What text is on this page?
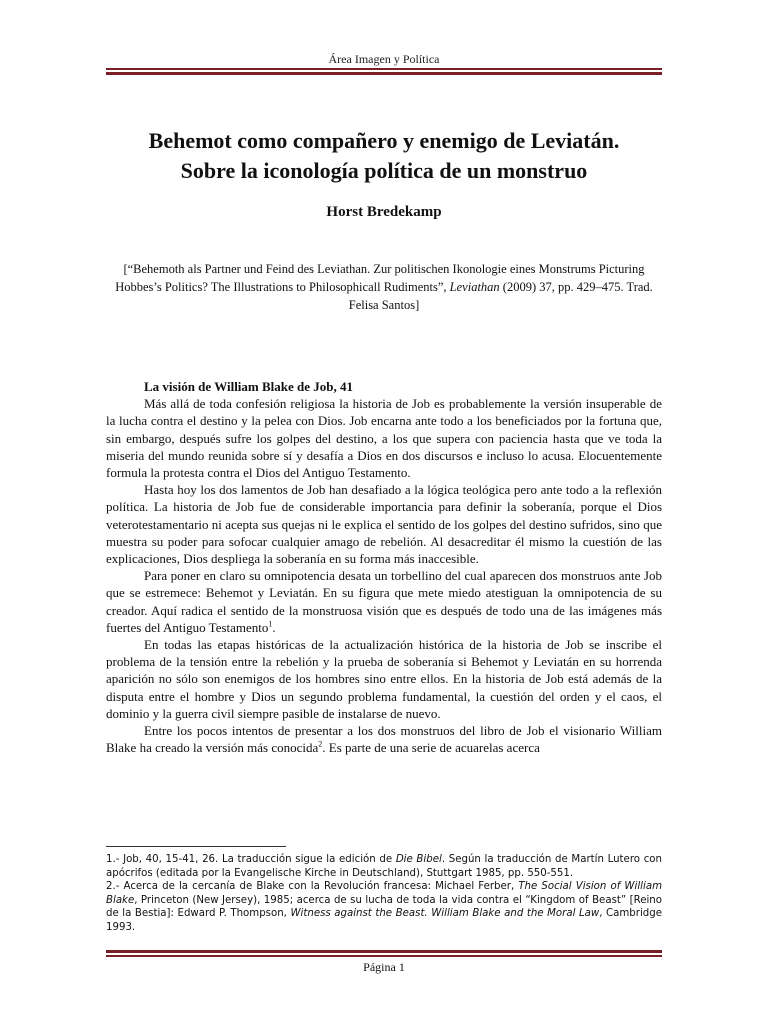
Área Imagen y Política
Behemot como compañero y enemigo de Leviatán.
Sobre la iconología política de un monstruo
Horst Bredekamp
[“Behemoth als Partner und Feind des Leviathan. Zur politischen Ikonologie eines Monstrums Picturing Hobbes’s Politics? The Illustrations to Philosophicall Rudiments”, Leviathan (2009) 37, pp. 429–475. Trad. Felisa Santos]

La visión de William Blake de Job, 41

Más allá de toda confesión religiosa la historia de Job es probablemente la versión insuperable de la lucha contra el destino y la pelea con Dios. Job encarna ante todo a los beneficiados por la fortuna que, sin embargo, después sufre los golpes del destino, a los que supera con paciencia hasta que ve toda la miseria del mundo reunida sobre sí y desafía a Dios en dos discursos e incluso lo acusa. Elocuentemente formula la protesta contra el Dios del Antiguo Testamento.

Hasta hoy los dos lamentos de Job han desafiado a la lógica teológica pero ante todo a la reflexión política. La historia de Job fue de considerable importancia para definir la soberanía, porque el Dios veterotestamentario ni acepta sus quejas ni le explica el sentido de los golpes del destino sufridos, sino que muestra su poder para sofocar cualquier amago de rebelión. Al desacreditar él mismo la cuestión de las explicaciones, Dios despliega la soberanía en su forma más inaccesible.

Para poner en claro su omnipotencia desata un torbellino del cual aparecen dos monstruos ante Job que se estremece: Behemot y Leviatán. En su figura que mete miedo atestiguan la omnipotencia de su creador. Aquí radica el sentido de la monstruosa visión que es después de todo una de las imágenes más fuertes del Antiguo Testamento$^1$.

En todas las etapas históricas de la actualización histórica de la historia de Job se inscribe el problema de la tensión entre la rebelión y la prueba de soberanía si Behemot y Leviatán en su horrenda aparición no sólo son enemigos de los hombres sino entre ellos. En la historia de Job está además de la disputa entre el hombre y Dios un segundo problema fundamental, la cuestión del orden y el caos, el dominio y la guerra civil siempre pasible de instalarse de nuevo.

Entre los pocos intentos de presentar a los dos monstruos del libro de Job el visionario William Blake ha creado la versión más conocida$^2$. Es parte de una serie de acuarelas acerca

1.- Job, 40, 15-41, 26. La traducción sigue la edición de Die Bibel. Según la traducción de Martín Lutero con apócrifos (editada por la Evangelische Kirche in Deutschland), Stuttgart 1985, pp. 550-551.

2.- Acerca de la cercanía de Blake con la Revolución francesa: Michael Ferber, The Social Vision of William Blake, Princeton (New Jersey), 1985; acerca de su lucha de toda la vida contra el “Kingdom of Beast” [Reino de la Bestia]: Edward P. Thompson, Witness against the Beast. William Blake and the Moral Law, Cambridge 1993.

Página 1
